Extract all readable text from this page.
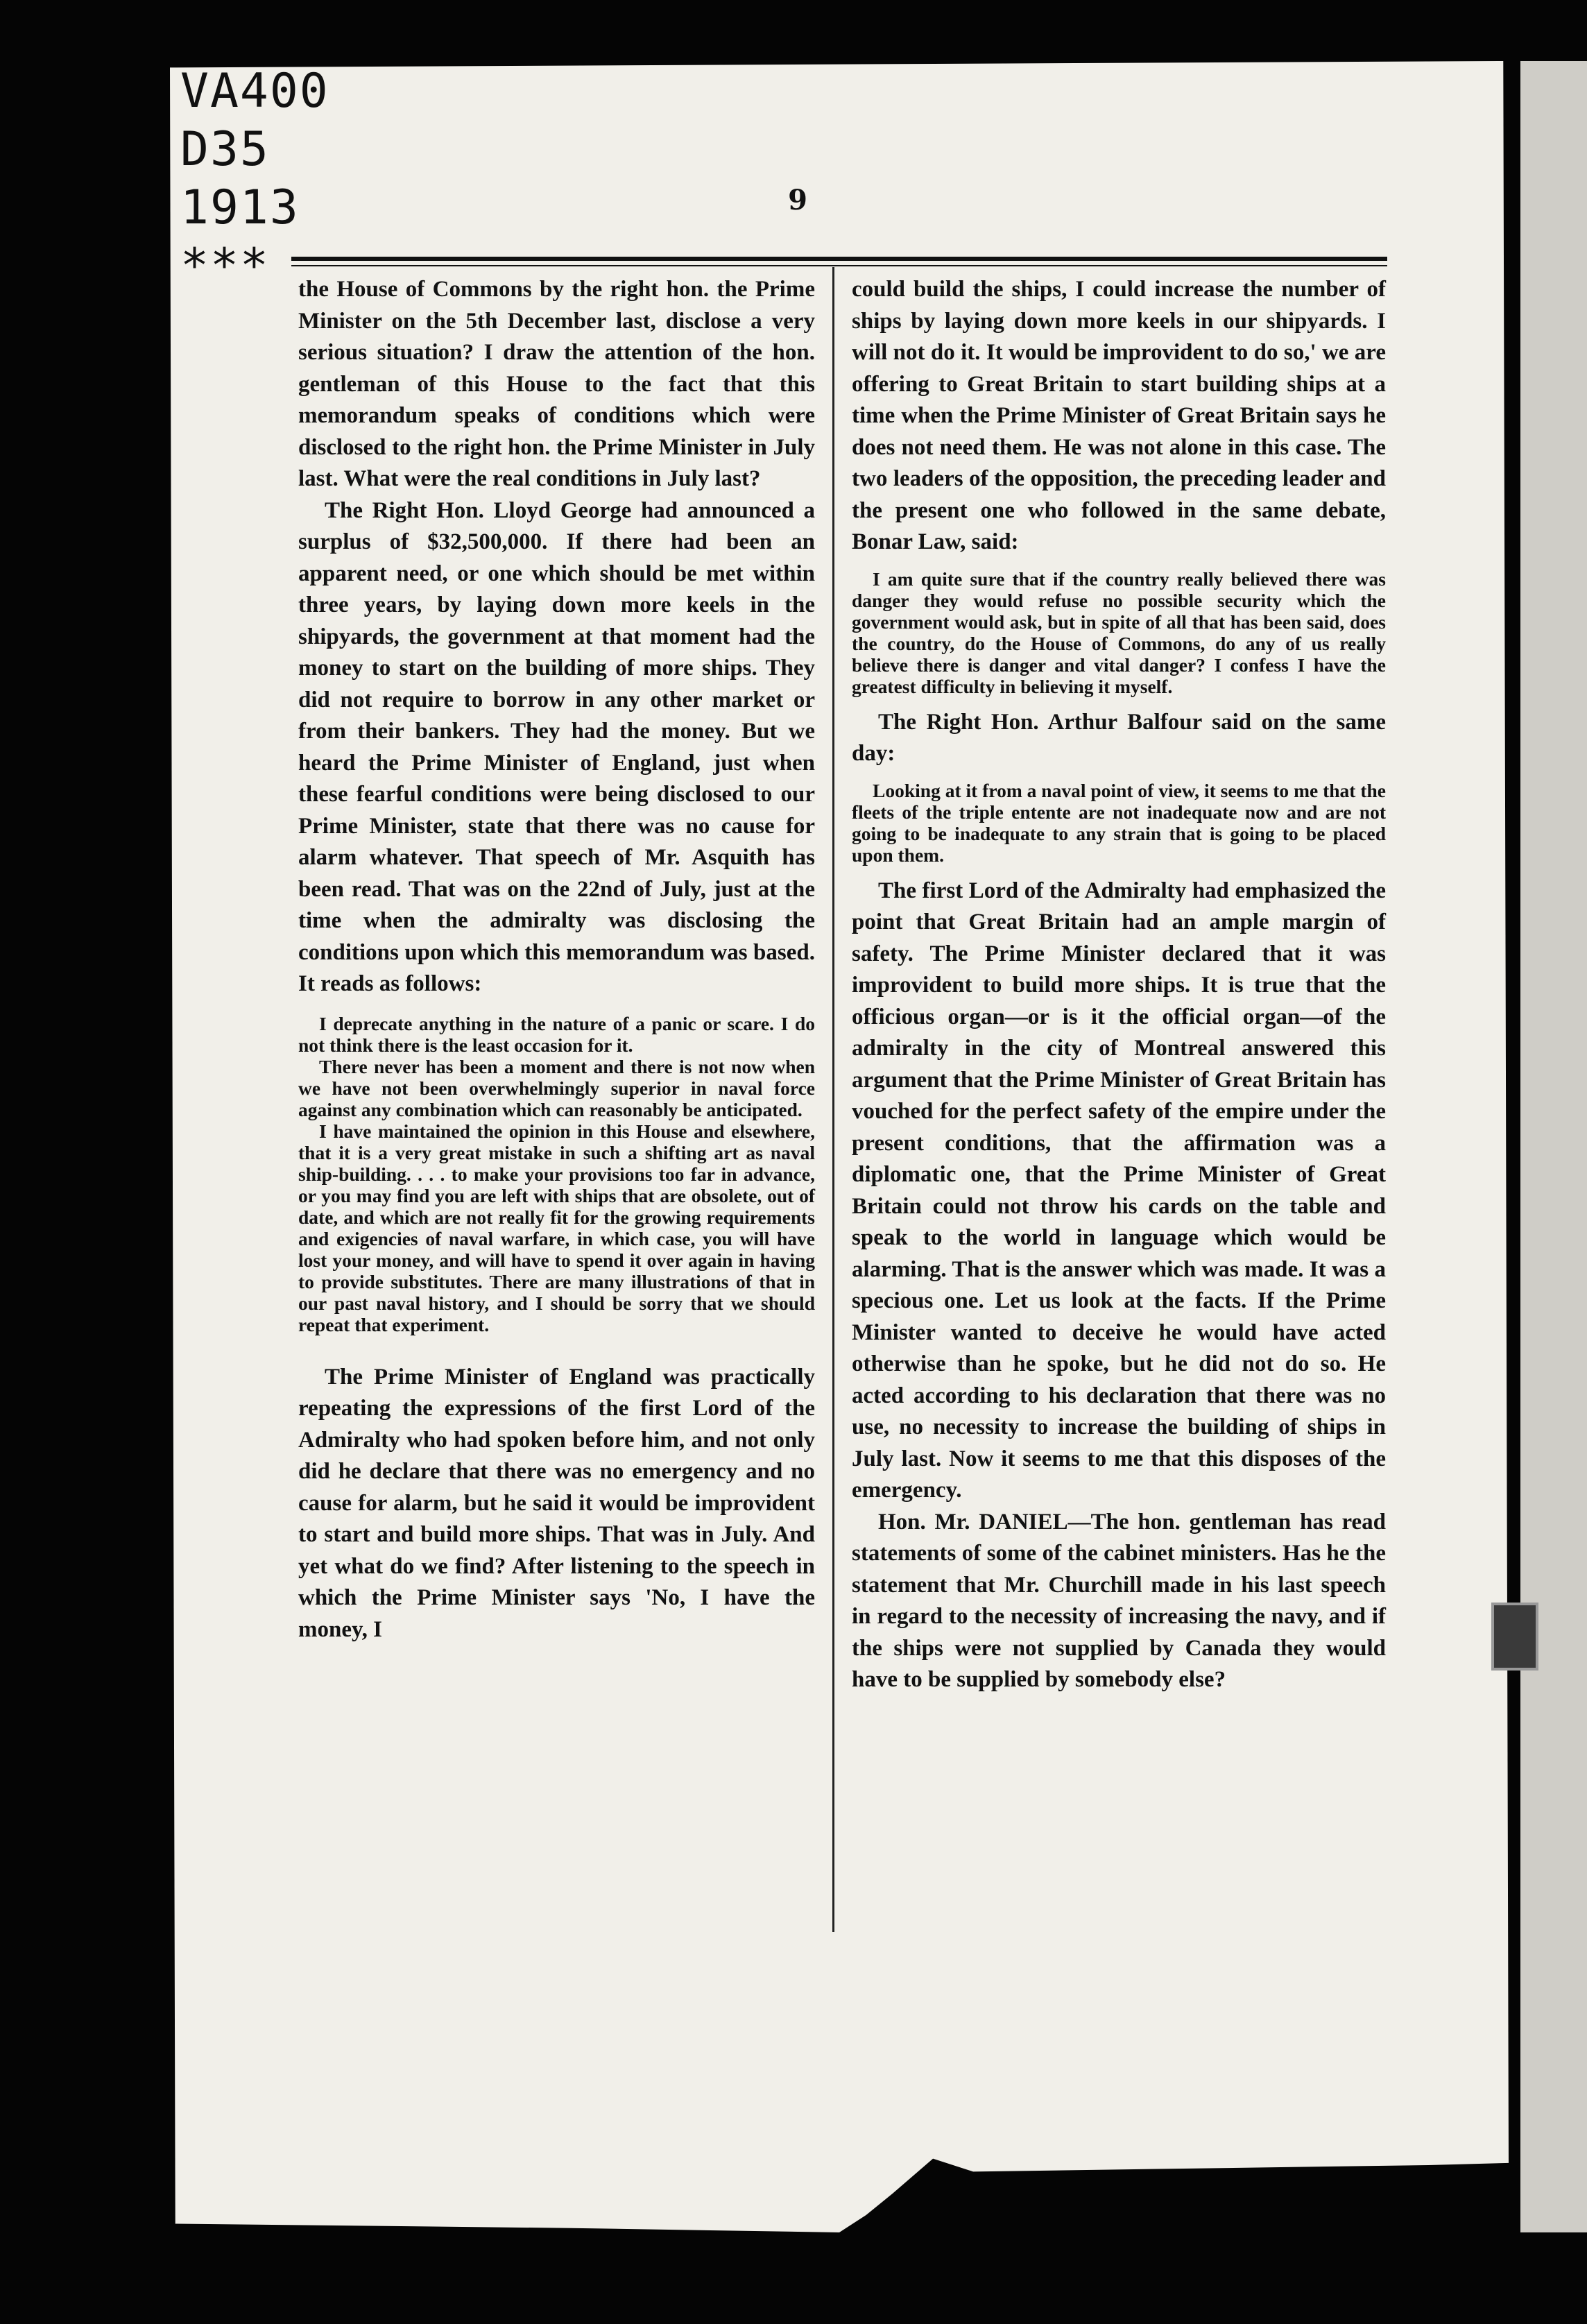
VA400
D35
1913
***
9

the House of Commons by the right hon. the Prime Minister on the 5th December last, disclose a very serious situation? I draw the attention of the hon. gentleman of this House to the fact that this memorandum speaks of conditions which were disclosed to the right hon. the Prime Minister in July last. What were the real conditions in July last?

The Right Hon. Lloyd George had announced a surplus of $32,500,000. If there had been an apparent need, or one which should be met within three years, by laying down more keels in the shipyards, the government at that moment had the money to start on the building of more ships. They did not require to borrow in any other market or from their bankers. They had the money. But we heard the Prime Minister of England, just when these fearful conditions were being disclosed to our Prime Minister, state that there was no cause for alarm whatever. That speech of Mr. Asquith has been read. That was on the 22nd of July, just at the time when the admiralty was disclosing the conditions upon which this memorandum was based. It reads as follows:

I deprecate anything in the nature of a panic or scare. I do not think there is the least occasion for it.

There never has been a moment and there is not now when we have not been overwhelmingly superior in naval force against any combination which can reasonably be anticipated.

I have maintained the opinion in this House and elsewhere, that it is a very great mistake in such a shifting art as naval ship-building. . . . to make your provisions too far in advance, or you may find you are left with ships that are obsolete, out of date, and which are not really fit for the growing requirements and exigencies of naval warfare, in which case, you will have lost your money, and will have to spend it over again in having to provide substitutes. There are many illustrations of that in our past naval history, and I should be sorry that we should repeat that experiment.

The Prime Minister of England was practically repeating the expressions of the first Lord of the Admiralty who had spoken before him, and not only did he declare that there was no emergency and no cause for alarm, but he said it would be improvident to start and build more ships. That was in July. And yet what do we find? After listening to the speech in which the Prime Minister says 'No, I have the money, I

could build the ships, I could increase the number of ships by laying down more keels in our shipyards. I will not do it. It would be improvident to do so,' we are offering to Great Britain to start building ships at a time when the Prime Minister of Great Britain says he does not need them. He was not alone in this case. The two leaders of the opposition, the preceding leader and the present one who followed in the same debate, Bonar Law, said:

I am quite sure that if the country really believed there was danger they would refuse no possible security which the government would ask, but in spite of all that has been said, does the country, do the House of Commons, do any of us really believe there is danger and vital danger? I confess I have the greatest difficulty in believing it myself.

The Right Hon. Arthur Balfour said on the same day:

Looking at it from a naval point of view, it seems to me that the fleets of the triple entente are not inadequate now and are not going to be inadequate to any strain that is going to be placed upon them.

The first Lord of the Admiralty had emphasized the point that Great Britain had an ample margin of safety. The Prime Minister declared that it was improvident to build more ships. It is true that the officious organ—or is it the official organ—of the admiralty in the city of Montreal answered this argument that the Prime Minister of Great Britain has vouched for the perfect safety of the empire under the present conditions, that the affirmation was a diplomatic one, that the Prime Minister of Great Britain could not throw his cards on the table and speak to the world in language which would be alarming. That is the answer which was made. It was a specious one. Let us look at the facts. If the Prime Minister wanted to deceive he would have acted otherwise than he spoke, but he did not do so. He acted according to his declaration that there was no use, no necessity to increase the building of ships in July last. Now it seems to me that this disposes of the emergency.

Hon. Mr. DANIEL—The hon. gentleman has read statements of some of the cabinet ministers. Has he the statement that Mr. Churchill made in his last speech in regard to the necessity of increasing the navy, and if the ships were not supplied by Canada they would have to be supplied by somebody else?
